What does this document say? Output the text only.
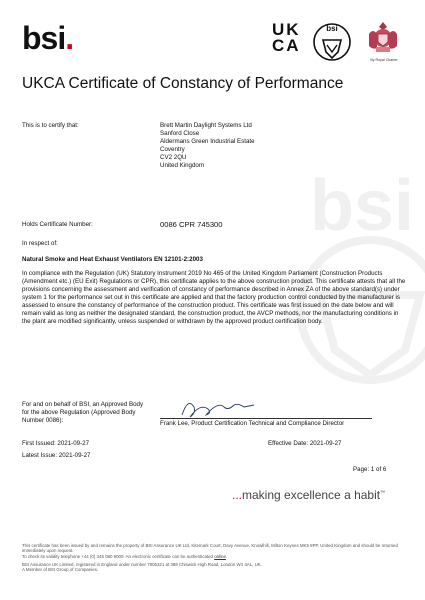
bsi.	UK
CA
bsi
By Royal Charter
UKCA Certificate of Constancy of Performance
bsi
This is to certify that:	Brett Martin Daylight Systems Ltd
Sanford Close
Aldermans Green Industrial Estate
Coventry
CV2 2QU
United Kingdom
Holds Certificate Number:	0086 CPR 745300
In respect of:
Natural Smoke and Heat Exhaust Ventilators EN 12101-2:2003
In compliance with the Regulation (UK) Statutory Instrument 2019 No 465 of the United Kingdom Parliament (Construction Products (Amendment etc.) (EU Exit) Regulations or CPR), this certificate applies to the above construction product. This certificate attests that all the provisions concerning the assessment and verification of constancy of performance described in Annex ZA of the above standard(s) under system 1 for the performance set out in this certificate are applied and that the factory production control conducted by the manufacturer is assessed to ensure the constancy of performance of the construction product. This certificate was first issued on the date below and will remain valid as long as neither the designated standard, the construction product, the AVCP methods, nor the manufacturing conditions in the plant are modified significantly, unless suspended or withdrawn by the approved product certification body.
For and on behalf of BSI, an Approved Body for the above Regulation (Approved Body Number 0086):	Frank Lee, Product Certification Technical and Compliance Director
First Issued: 2021-09-27
Latest Issue: 2021-09-27
Effective Date: 2021-09-27
Page: 1 of 6
...making excellence a habit™
This certificate has been issued by and remains the property of BSI Assurance UK Ltd, Kitemark Court, Davy Avenue, Knowlhill, Milton Keynes MK5 8PP, United Kingdom and should be returned immediately upon request.
To check its validity telephone +44 (0) 345 080 9000. An electronic certificate can be authenticated online.
BSI Assurance UK Limited, registered in England under number 7805321 at 389 Chiswick High Road, London W4 4AL, UK.
A Member of BSI Group of Companies.
